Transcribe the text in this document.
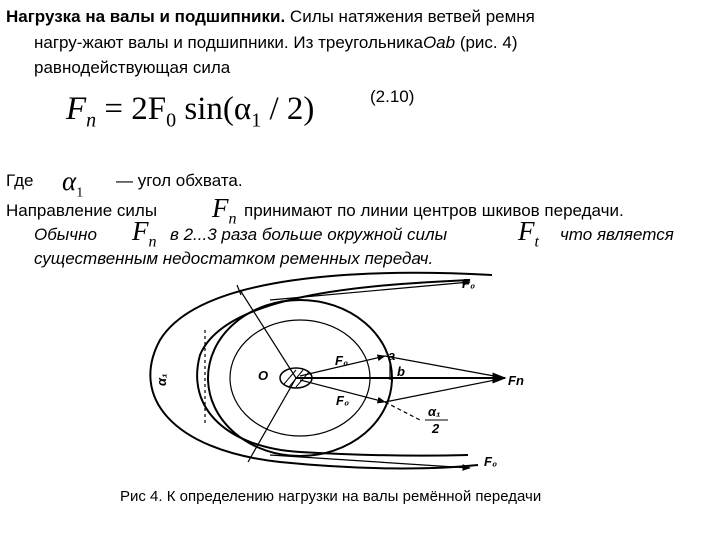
Нагрузка на валы и подшипники. Силы натяжения ветвей ремня
нагру-жают валы и подшипники. Из треугольникаOab (рис. 4)
равнодействующая сила
(2.10)
$F_n = 2F_0$ $\sin(\alpha_1 / 2)$
Где $\alpha_1$
— угол обхвата.
Направление силы $F_n$ принимают по линии центров шкивов передачи.
Обычно $F_n$ в 2...3 раза больше окружной силы	$F_t$ что является
существенным недостатком ременных передач.
F₀
F₀
F₀
F₀
Fn
O
a
b
α₁
α₁
2
Рис 4. К определению нагрузки на валы ремённой передачи
